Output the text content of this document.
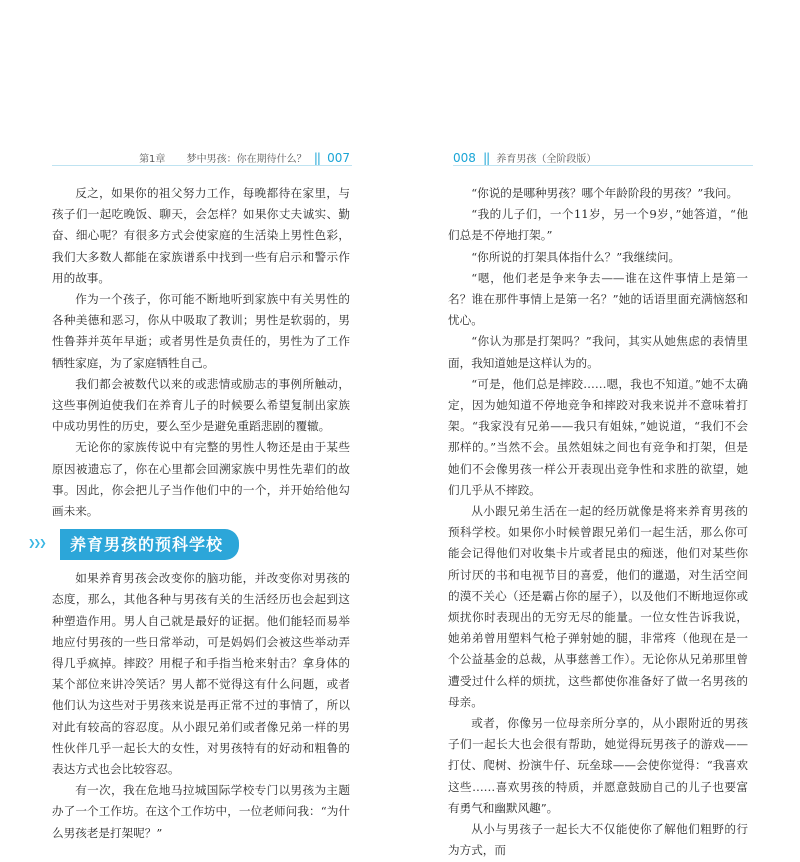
第1章 梦中男孩：你在期待什么？ || 007

反之，如果你的祖父努力工作，每晚都待在家里，与孩子们一起吃晚饭、聊天，会怎样？如果你丈夫诚实、勤奋、细心呢？有很多方式会使家庭的生活染上男性色彩，我们大多数人都能在家族谱系中找到一些有启示和警示作用的故事。

作为一个孩子，你可能不断地听到家族中有关男性的各种美德和恶习，你从中吸取了教训；男性是软弱的，男性鲁莽并英年早逝；或者男性是负责任的，男性为了工作牺牲家庭，为了家庭牺牲自己。

我们都会被数代以来的或悲情或励志的事例所触动，这些事例迫使我们在养育儿子的时候要么希望复制出家族中成功男性的历史，要么至少是避免重蹈悲剧的覆辙。

无论你的家族传说中有完整的男性人物还是由于某些原因被遗忘了，你在心里都会回溯家族中男性先辈们的故事。因此，你会把儿子当作他们中的一个，并开始给他勾画未来。

❯❯❯	养育男孩的预科学校

如果养育男孩会改变你的脑功能，并改变你对男孩的态度，那么，其他各种与男孩有关的生活经历也会起到这种塑造作用。男人自己就是最好的证据。他们能轻而易举地应付男孩的一些日常举动，可是妈妈们会被这些举动弄得几乎疯掉。摔跤？用棍子和手指当枪来射击？拿身体的某个部位来讲冷笑话？男人都不觉得这有什么问题，或者他们认为这些对于男孩来说是再正常不过的事情了，所以对此有较高的容忍度。从小跟兄弟们或者像兄弟一样的男性伙伴几乎一起长大的女性，对男孩特有的好动和粗鲁的表达方式也会比较容忍。

有一次，我在危地马拉城国际学校专门以男孩为主题办了一个工作坊。在这个工作坊中，一位老师问我：“为什么男孩老是打架呢？”

008 || 养育男孩（全阶段版）

“你说的是哪种男孩？哪个年龄阶段的男孩？”我问。

“我的儿子们，一个11岁，另一个9岁，”她答道，“他们总是不停地打架。”

“你所说的打架具体指什么？”我继续问。

“嗯，他们老是争来争去——谁在这件事情上是第一名？谁在那件事情上是第一名？”她的话语里面充满恼怒和忧心。

“你认为那是打架吗？”我问，其实从她焦虑的表情里面，我知道她是这样认为的。

“可是，他们总是摔跤……嗯，我也不知道。”她不太确定，因为她知道不停地竞争和摔跤对我来说并不意味着打架。“我家没有兄弟——我只有姐妹，”她说道，“我们不会那样的。”当然不会。虽然姐妹之间也有竞争和打架，但是她们不会像男孩一样公开表现出竞争性和求胜的欲望，她们几乎从不摔跤。

从小跟兄弟生活在一起的经历就像是将来养育男孩的预科学校。如果你小时候曾跟兄弟们一起生活，那么你可能会记得他们对收集卡片或者昆虫的痴迷，他们对某些你所讨厌的书和电视节目的喜爱，他们的邋遢，对生活空间的漠不关心（还是霸占你的屋子），以及他们不断地逗你或烦扰你时表现出的无穷无尽的能量。一位女性告诉我说，她弟弟曾用塑料气枪子弹射她的腿，非常疼（他现在是一个公益基金的总裁，从事慈善工作）。无论你从兄弟那里曾遭受过什么样的烦扰，这些都使你准备好了做一名男孩的母亲。

或者，你像另一位母亲所分享的，从小跟附近的男孩子们一起长大也会很有帮助，她觉得玩男孩子的游戏——打仗、爬树、扮演牛仔、玩垒球——会使你觉得：“我喜欢这些……喜欢男孩的特质，并愿意鼓励自己的儿子也要富有勇气和幽默风趣”。

从小与男孩子一起长大不仅能使你了解他们粗野的行为方式，而
